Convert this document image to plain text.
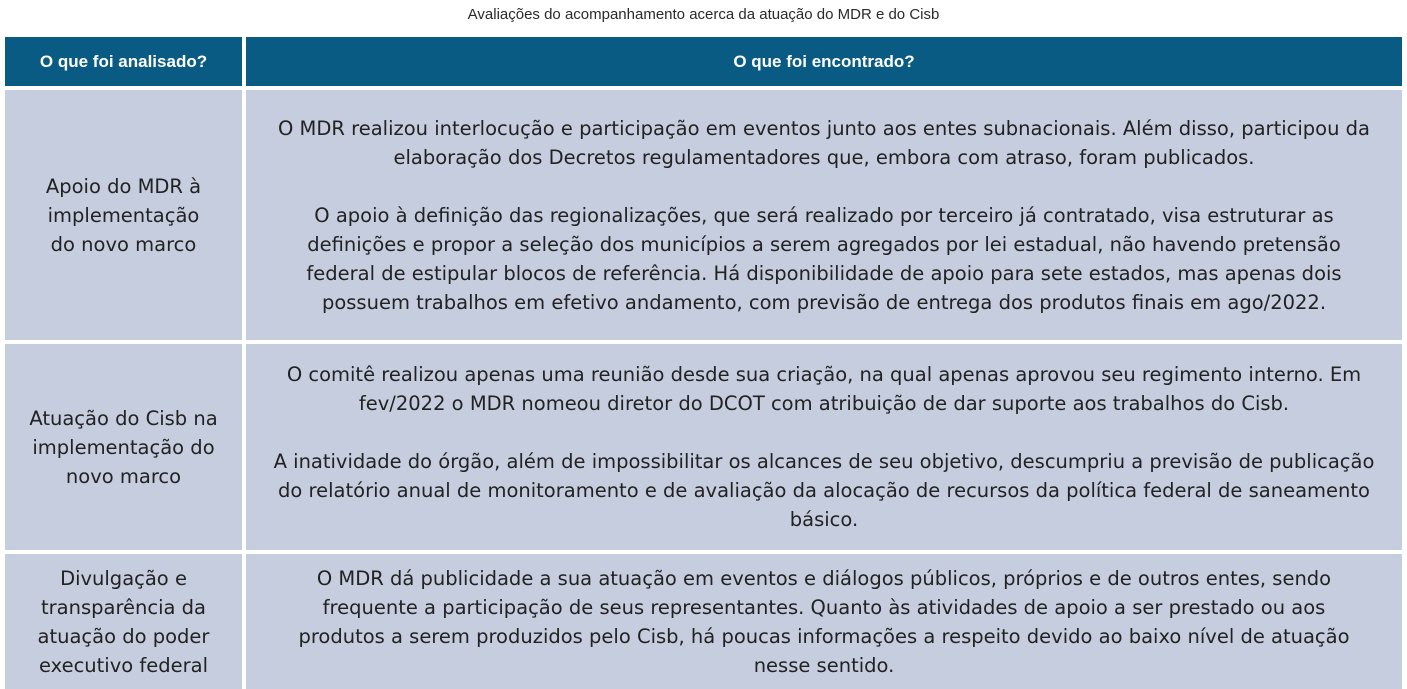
Avaliações do acompanhamento acerca da atuação do MDR e do Cisb
O que foi analisado?	O que foi encontrado?
Apoio do MDR à implementação do novo marco

O MDR realizou interlocução e participação em eventos junto aos entes subnacionais. Além disso, participou da elaboração dos Decretos regulamentadores que, embora com atraso, foram publicados.

O apoio à definição das regionalizações, que será realizado por terceiro já contratado, visa estruturar as definições e propor a seleção dos municípios a serem agregados por lei estadual, não havendo pretensão federal de estipular blocos de referência. Há disponibilidade de apoio para sete estados, mas apenas dois possuem trabalhos em efetivo andamento, com previsão de entrega dos produtos finais em ago/2022.

Atuação do Cisb na implementação do novo marco

O comitê realizou apenas uma reunião desde sua criação, na qual apenas aprovou seu regimento interno. Em fev/2022 o MDR nomeou diretor do DCOT com atribuição de dar suporte aos trabalhos do Cisb.

A inatividade do órgão, além de impossibilitar os alcances de seu objetivo, descumpriu a previsão de publicação do relatório anual de monitoramento e de avaliação da alocação de recursos da política federal de saneamento básico.

Divulgação e transparência da atuação do poder executivo federal

O MDR dá publicidade a sua atuação em eventos e diálogos públicos, próprios e de outros entes, sendo frequente a participação de seus representantes. Quanto às atividades de apoio a ser prestado ou aos produtos a serem produzidos pelo Cisb, há poucas informações a respeito devido ao baixo nível de atuação nesse sentido.
